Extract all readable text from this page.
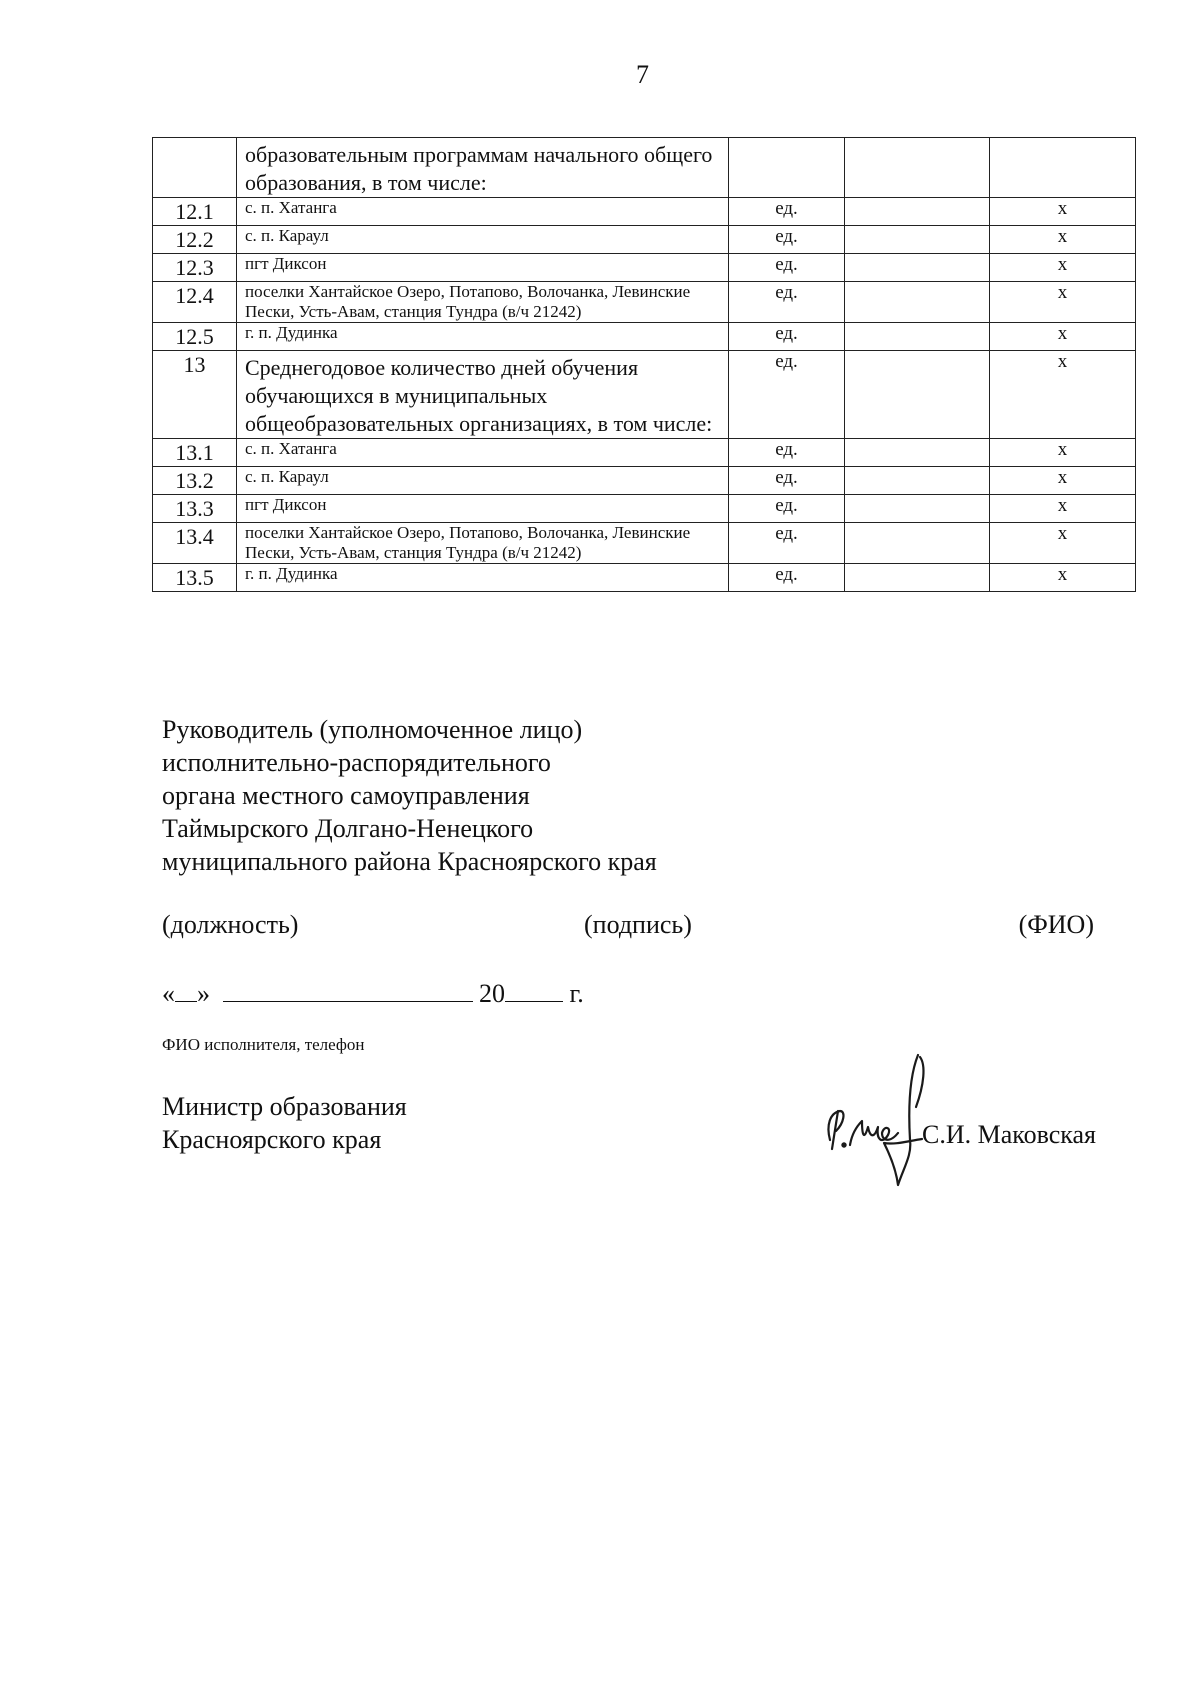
7
	образовательным программам начального общего образования, в том числе:			
12.1	с. п. Хатанга	ед.		х
12.2	с. п. Караул	ед.		х
12.3	пгт Диксон	ед.		х
12.4	поселки Хантайское Озеро, Потапово, Волочанка, Левинские Пески, Усть-Авам, станция Тундра (в/ч 21242)	ед.		х
12.5	г. п. Дудинка	ед.		х
13	Среднегодовое количество дней обучения обучающихся в муниципальных общеобразовательных организациях, в том числе:	ед.		х
13.1	с. п. Хатанга	ед.		х
13.2	с. п. Караул	ед.		х
13.3	пгт Диксон	ед.		х
13.4	поселки Хантайское Озеро, Потапово, Волочанка, Левинские Пески, Усть-Авам, станция Тундра (в/ч 21242)	ед.		х
13.5	г. п. Дудинка	ед.		х
Руководитель (уполномоченное лицо)
исполнительно-распорядительного
органа местного самоуправления
Таймырского Долгано-Ненецкого
муниципального района Красноярского края
(должность)	(подпись)	(ФИО)
« »	20 г.
ФИО исполнителя, телефон
Министр образования
Красноярского края	С.И. Маковская
